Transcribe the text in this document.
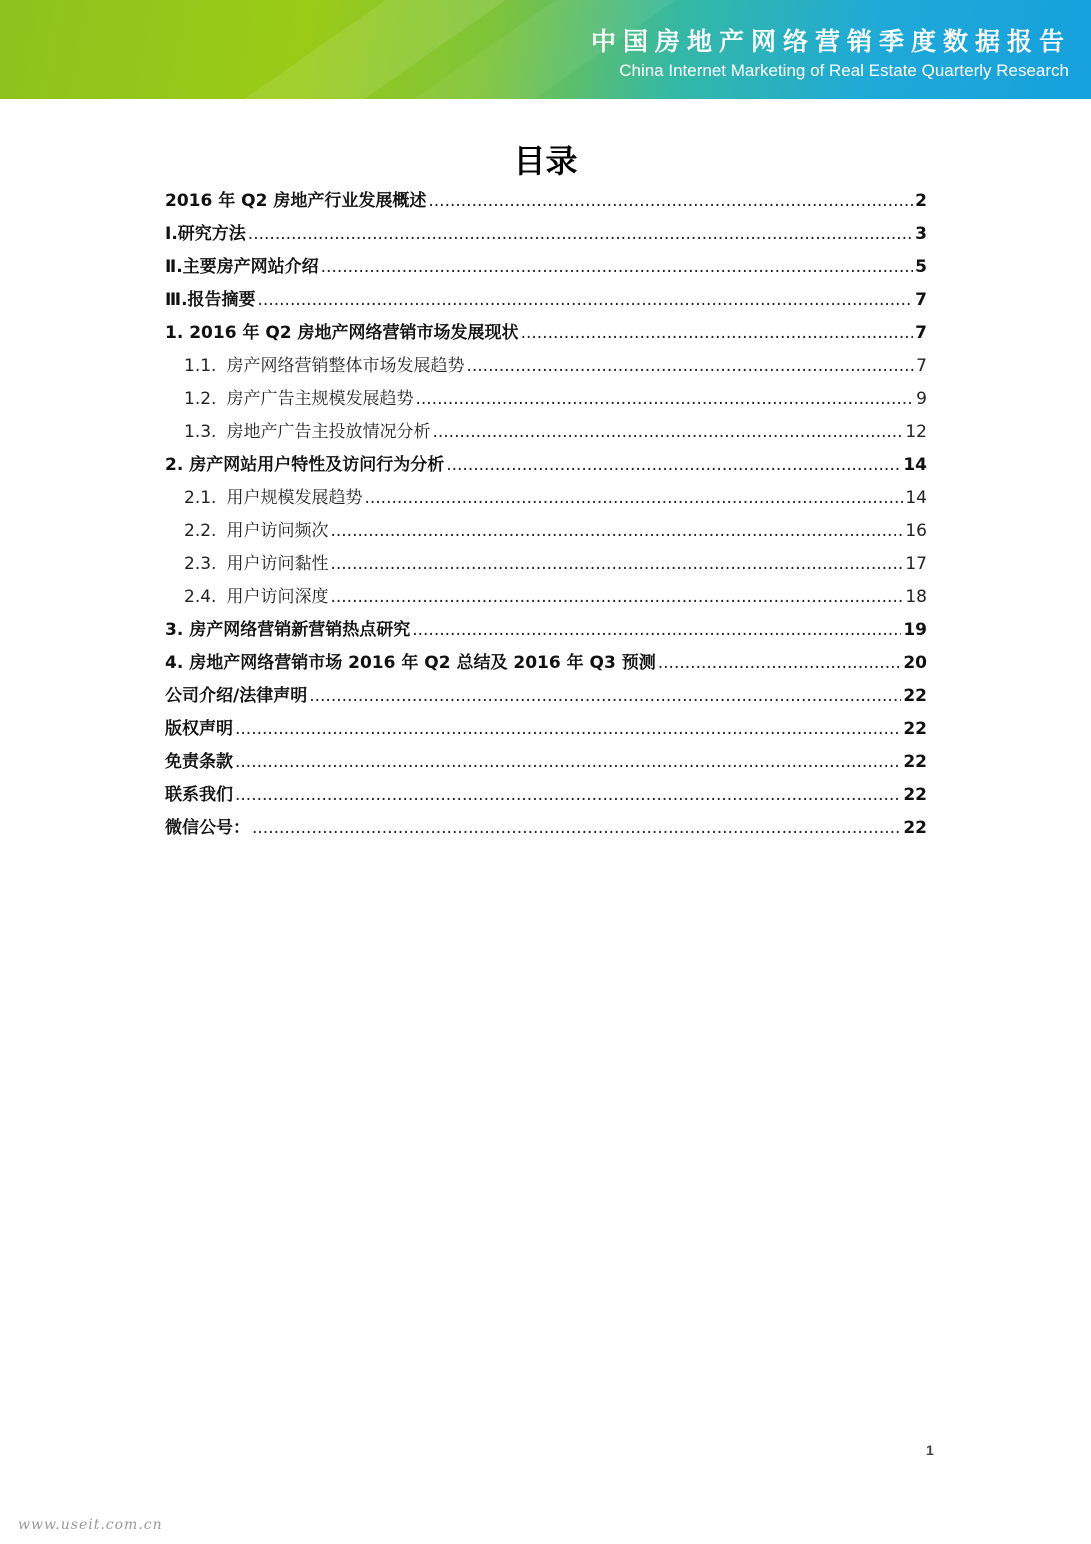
中国房地产网络营销季度数据报告
China Internet Marketing of Real Estate Quarterly Research
目录
2016 年 Q2 房地产行业发展概述 .....	2
Ⅰ.研究方法 .....	3
Ⅱ.主要房产网站介绍 .....	5
Ⅲ.报告摘要 .....	7
1. 2016 年 Q2 房地产网络营销市场发展现状 .....	7
1.1. 房产网络营销整体市场发展趋势 .....	7
1.2. 房产广告主规模发展趋势 .....	9
1.3. 房地产广告主投放情况分析 .....	12
2. 房产网站用户特性及访问行为分析 .....	14
2.1. 用户规模发展趋势 .....	14
2.2. 用户访问频次 .....	16
2.3. 用户访问黏性 .....	17
2.4. 用户访问深度 .....	18
3. 房产网络营销新营销热点研究 .....	19
4. 房地产网络营销市场 2016 年 Q2 总结及 2016 年 Q3 预测 .....	20
公司介绍/法律声明 .....	22
版权声明 .....	22
免责条款 .....	22
联系我们 .....	22
微信公号： .....	22
1
www.useit.com.cn
